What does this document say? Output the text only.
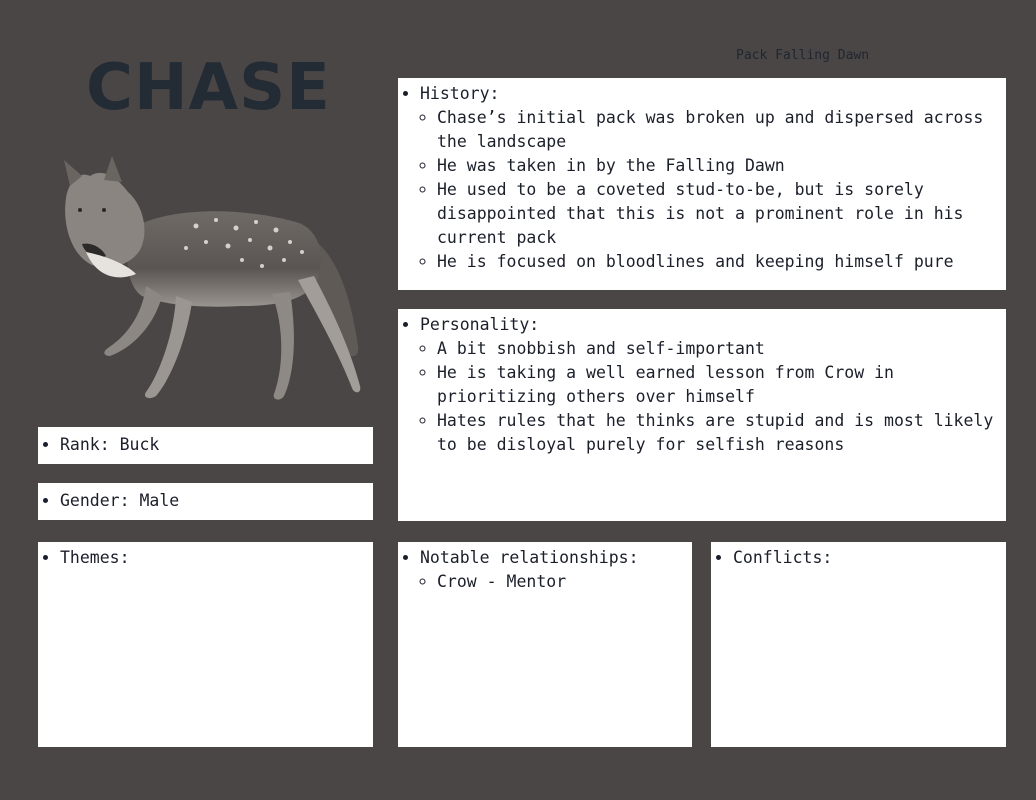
CHASE	Pack Falling Dawn
• Rank: Buck
• Gender: Male
• History:
◦ Chase’s initial pack was broken up and dispersed across the landscape
◦ He was taken in by the Falling Dawn
◦ He used to be a coveted stud-to-be, but is sorely disappointed that this is not a prominent role in his current pack
◦ He is focused on bloodlines and keeping himself pure
• Personality:
◦ A bit snobbish and self-important
◦ He is taking a well earned lesson from Crow in prioritizing others over himself
◦ Hates rules that he thinks are stupid and is most likely to be disloyal purely for selfish reasons
• Themes:
•	Notable relationships:
◦ Crow - Mentor
• Conflicts:
